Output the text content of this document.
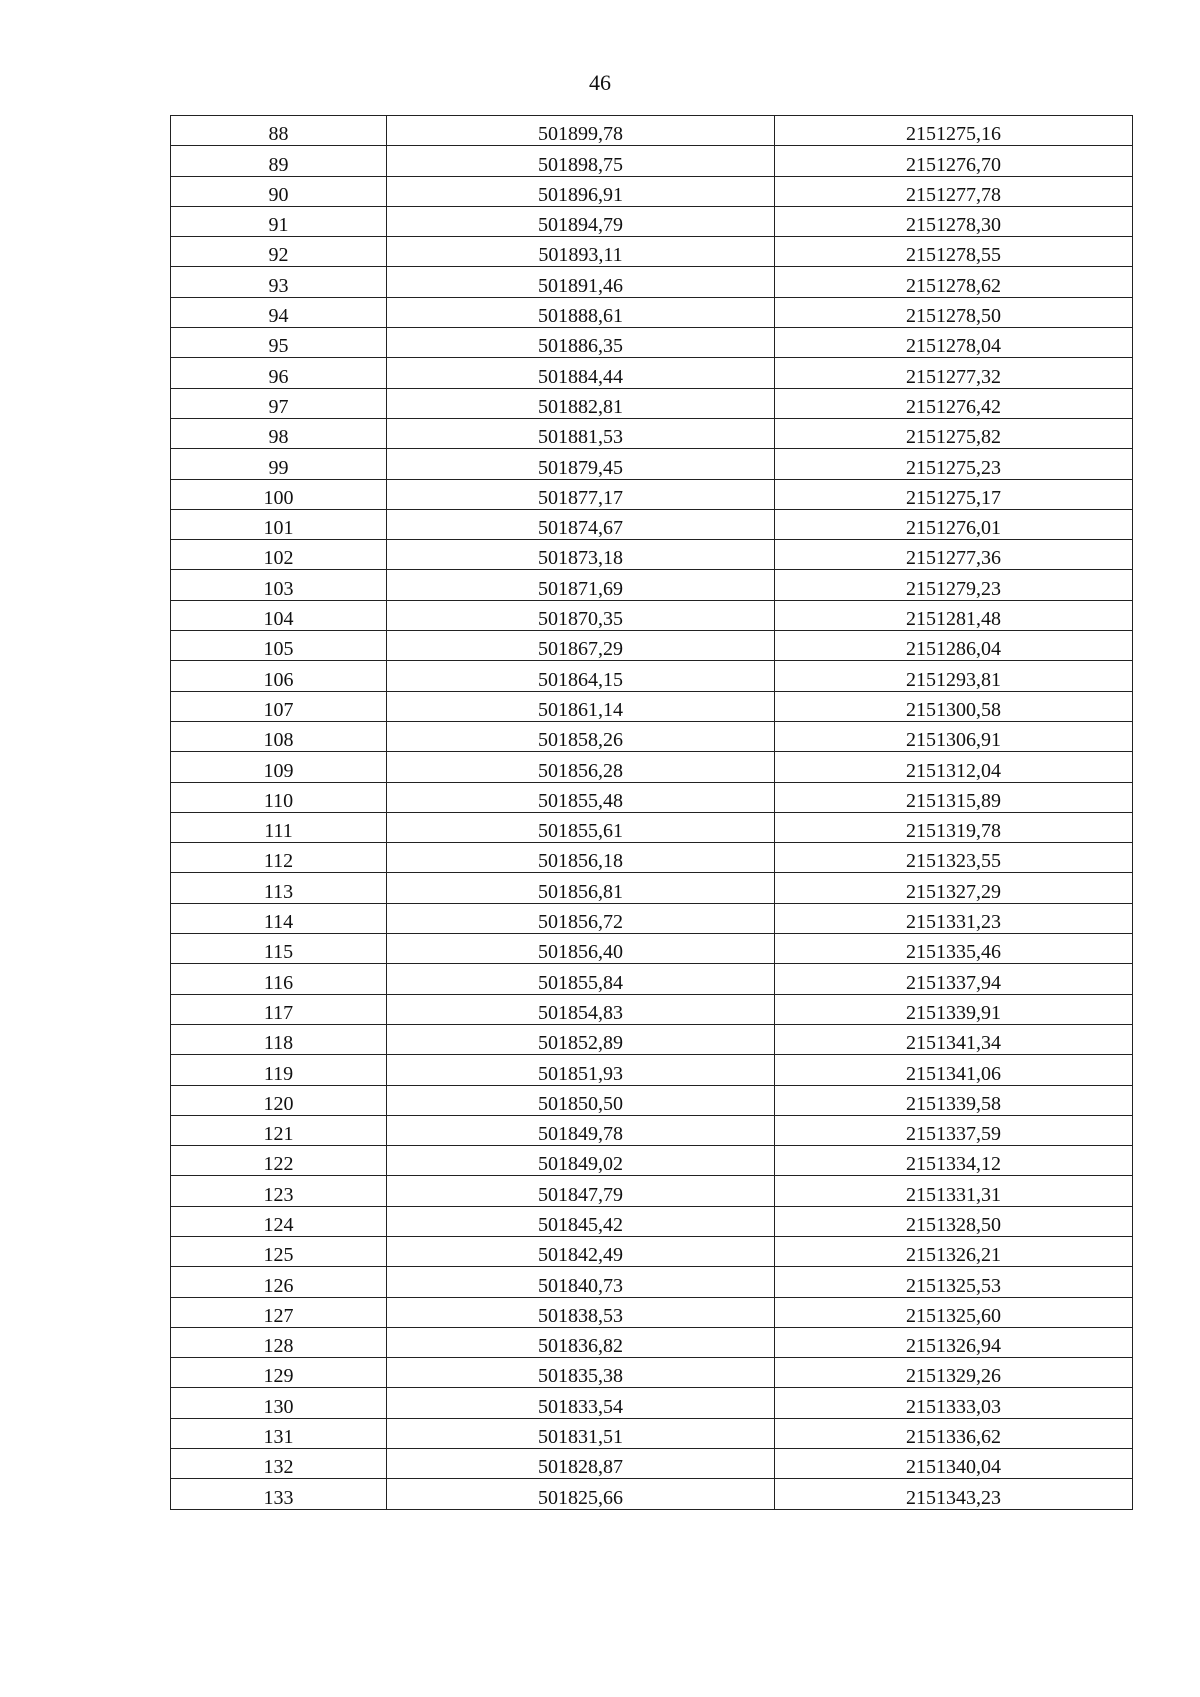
46
88	501899,78	2151275,16
89	501898,75	2151276,70
90	501896,91	2151277,78
91	501894,79	2151278,30
92	501893,11	2151278,55
93	501891,46	2151278,62
94	501888,61	2151278,50
95	501886,35	2151278,04
96	501884,44	2151277,32
97	501882,81	2151276,42
98	501881,53	2151275,82
99	501879,45	2151275,23
100	501877,17	2151275,17
101	501874,67	2151276,01
102	501873,18	2151277,36
103	501871,69	2151279,23
104	501870,35	2151281,48
105	501867,29	2151286,04
106	501864,15	2151293,81
107	501861,14	2151300,58
108	501858,26	2151306,91
109	501856,28	2151312,04
110	501855,48	2151315,89
111	501855,61	2151319,78
112	501856,18	2151323,55
113	501856,81	2151327,29
114	501856,72	2151331,23
115	501856,40	2151335,46
116	501855,84	2151337,94
117	501854,83	2151339,91
118	501852,89	2151341,34
119	501851,93	2151341,06
120	501850,50	2151339,58
121	501849,78	2151337,59
122	501849,02	2151334,12
123	501847,79	2151331,31
124	501845,42	2151328,50
125	501842,49	2151326,21
126	501840,73	2151325,53
127	501838,53	2151325,60
128	501836,82	2151326,94
129	501835,38	2151329,26
130	501833,54	2151333,03
131	501831,51	2151336,62
132	501828,87	2151340,04
133	501825,66	2151343,23
